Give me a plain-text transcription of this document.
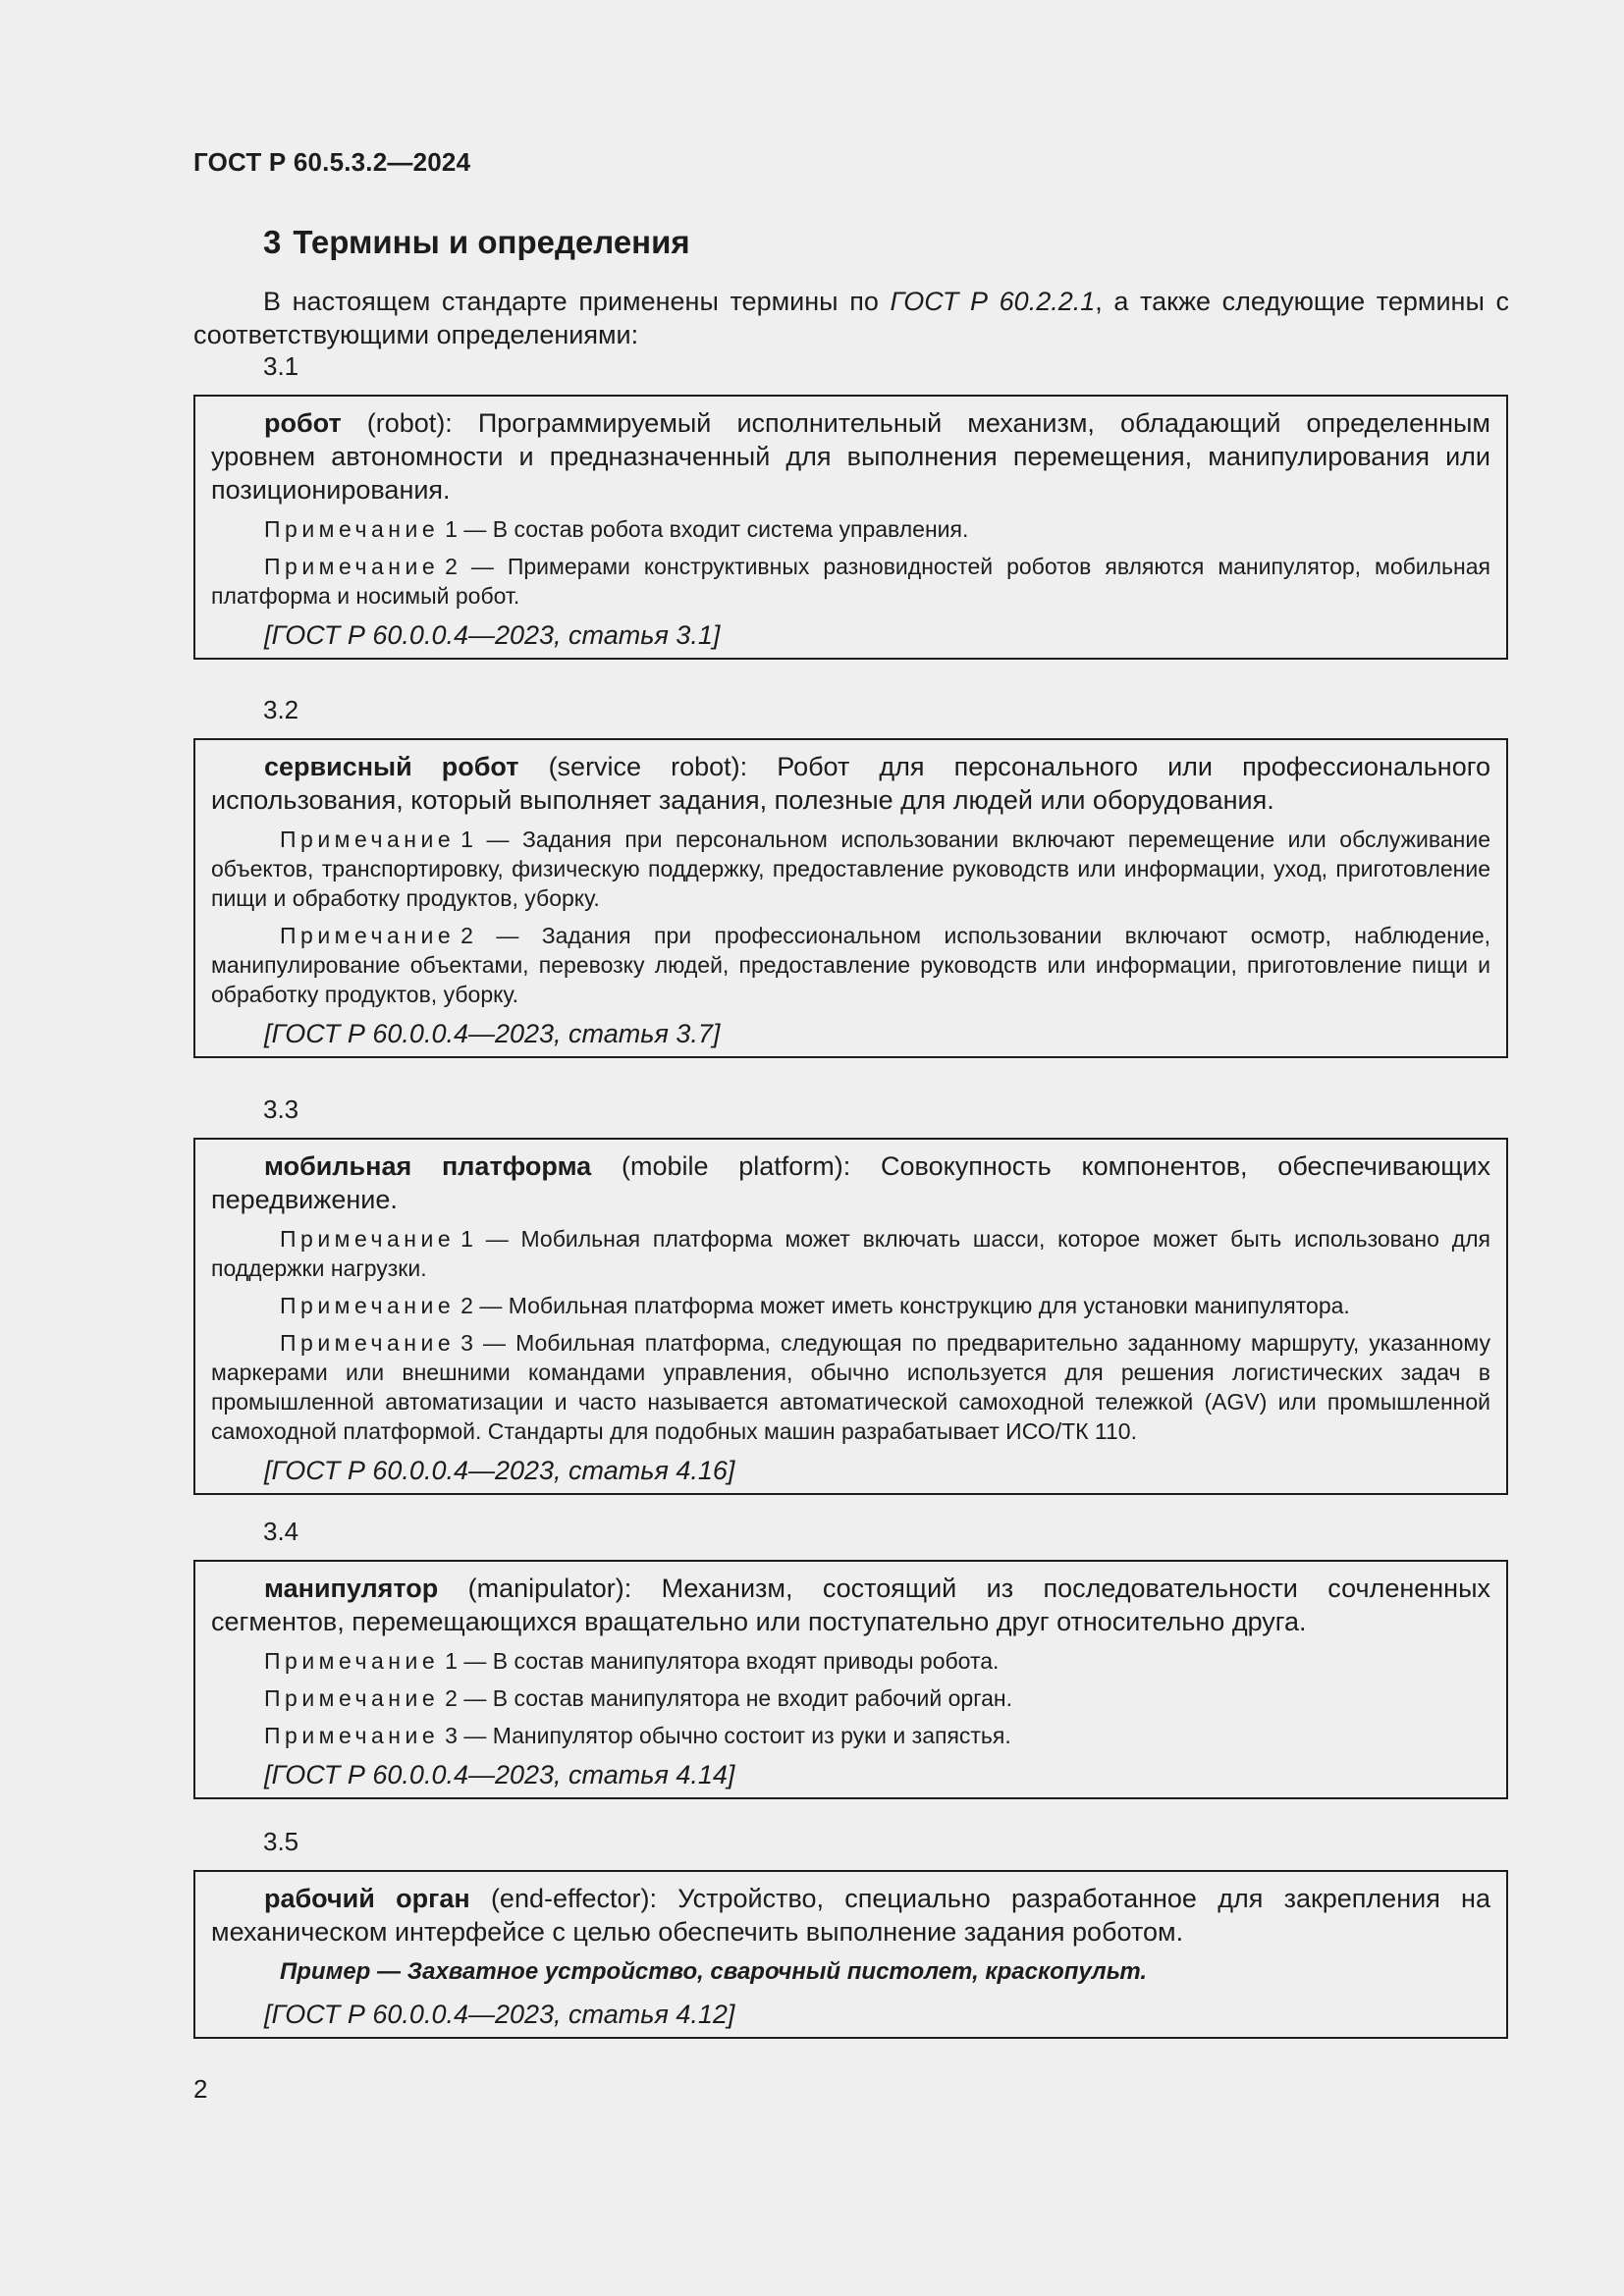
ГОСТ Р 60.5.3.2—2024
3 Термины и определения

В настоящем стандарте применены термины по ГОСТ Р 60.2.2.1, а также следующие термины с соответствующими определениями:

3.1

робот (robot): Программируемый исполнительный механизм, обладающий определенным уровнем автономности и предназначенный для выполнения перемещения, манипулирования или позиционирования.

Примечание 1 — В состав робота входит система управления.

Примечание 2 — Примерами конструктивных разновидностей роботов являются манипулятор, мобильная платформа и носимый робот.

[ГОСТ Р 60.0.0.4—2023, статья 3.1]

3.2

сервисный робот (service robot): Робот для персонального или профессионального использования, который выполняет задания, полезные для людей или оборудования.

Примечание 1 — Задания при персональном использовании включают перемещение или обслуживание объектов, транспортировку, физическую поддержку, предоставление руководств или информации, уход, приготовление пищи и обработку продуктов, уборку.

Примечание 2 — Задания при профессиональном использовании включают осмотр, наблюдение, манипулирование объектами, перевозку людей, предоставление руководств или информации, приготовление пищи и обработку продуктов, уборку.

[ГОСТ Р 60.0.0.4—2023, статья 3.7]

3.3

мобильная платформа (mobile platform): Совокупность компонентов, обеспечивающих передвижение.

Примечание 1 — Мобильная платформа может включать шасси, которое может быть использовано для поддержки нагрузки.

Примечание 2 — Мобильная платформа может иметь конструкцию для установки манипулятора.

Примечание 3 — Мобильная платформа, следующая по предварительно заданному маршруту, указанному маркерами или внешними командами управления, обычно используется для решения логистических задач в промышленной автоматизации и часто называется автоматической самоходной тележкой (AGV) или промышленной самоходной платформой. Стандарты для подобных машин разрабатывает ИСО/ТК 110.

[ГОСТ Р 60.0.0.4—2023, статья 4.16]

3.4

манипулятор (manipulator): Механизм, состоящий из последовательности сочлененных сегментов, перемещающихся вращательно или поступательно друг относительно друга.

Примечание 1 — В состав манипулятора входят приводы робота.

Примечание 2 — В состав манипулятора не входит рабочий орган.

Примечание 3 — Манипулятор обычно состоит из руки и запястья.

[ГОСТ Р 60.0.0.4—2023, статья 4.14]

3.5

рабочий орган (end-effector): Устройство, специально разработанное для закрепления на механическом интерфейсе с целью обеспечить выполнение задания роботом.

Пример — Захватное устройство, сварочный пистолет, краскопульт.

[ГОСТ Р 60.0.0.4—2023, статья 4.12]

2
